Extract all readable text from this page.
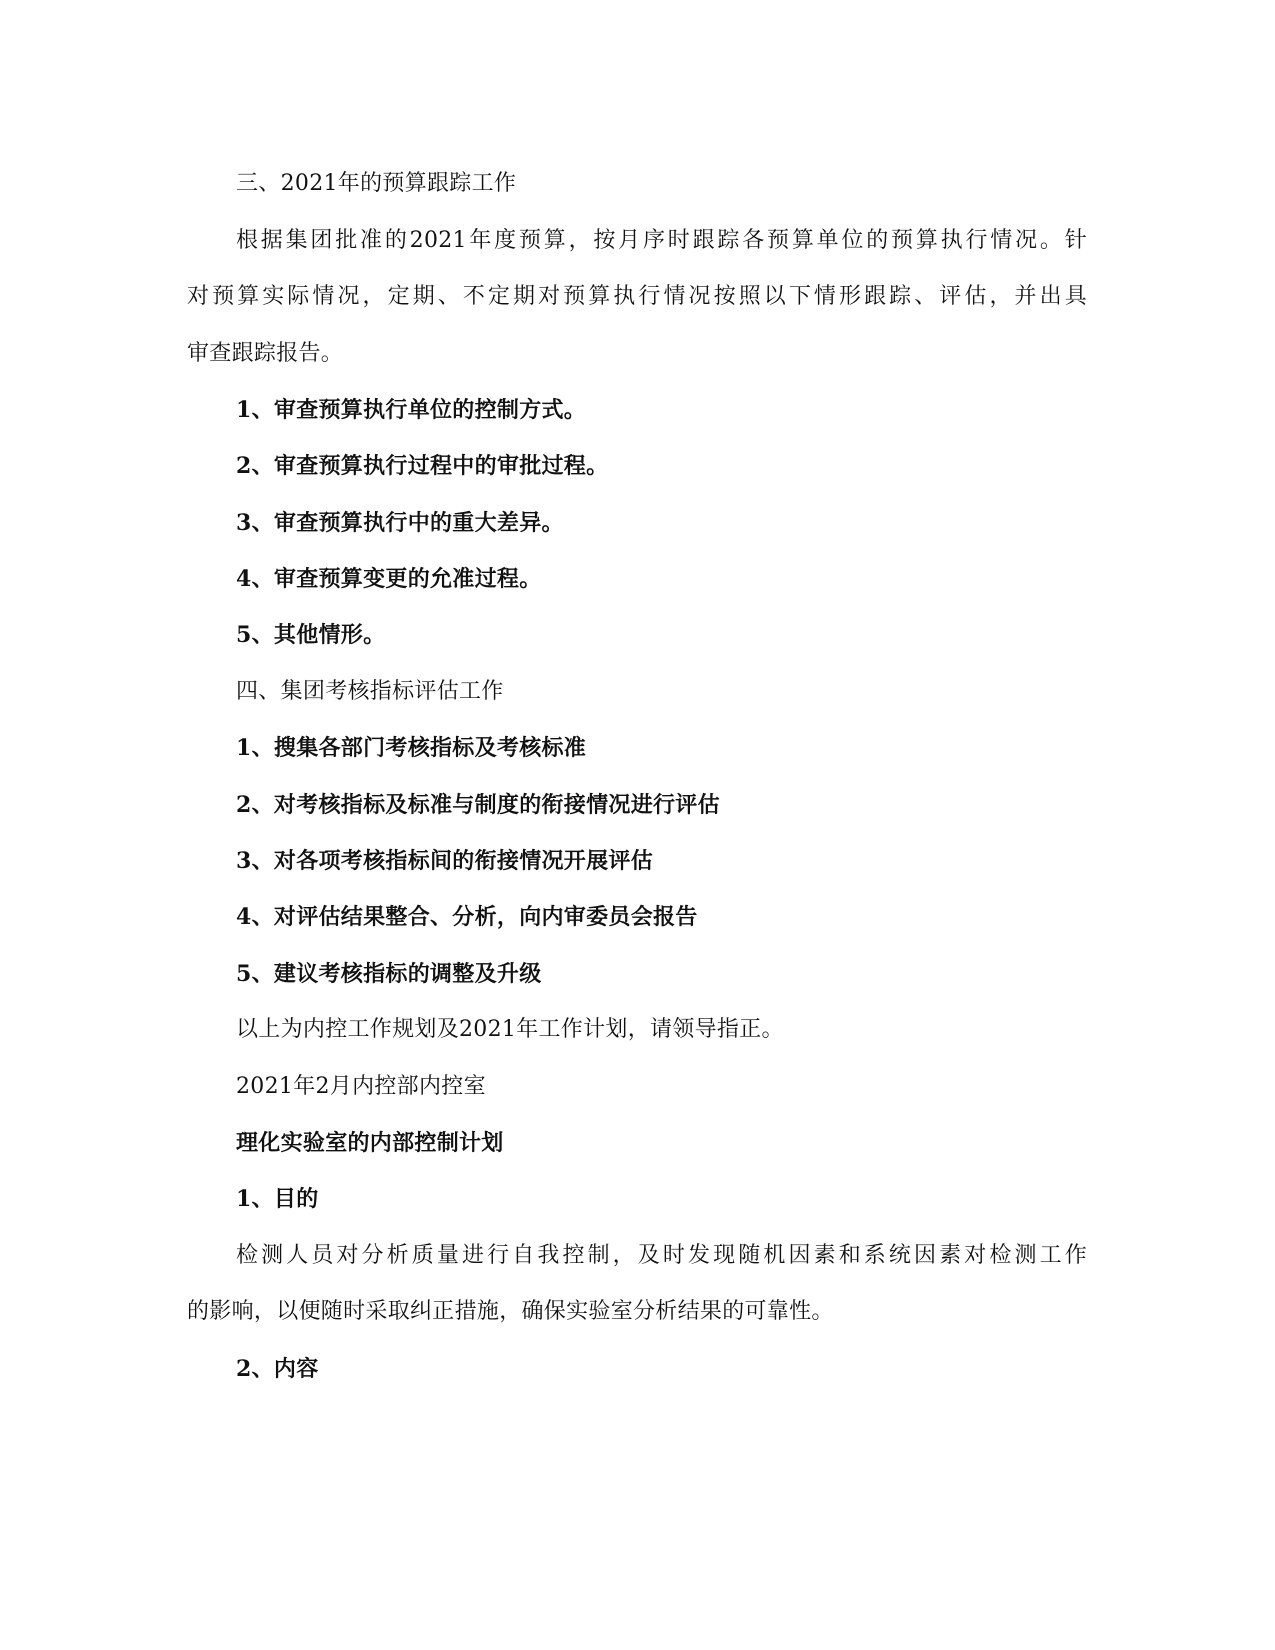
三、2021年的预算跟踪工作
根据集团批准的2021年度预算，按月序时跟踪各预算单位的预算执行情况。针
对预算实际情况，定期、不定期对预算执行情况按照以下情形跟踪、评估，并出具
审查跟踪报告。
1、审查预算执行单位的控制方式。
2、审查预算执行过程中的审批过程。
3、审查预算执行中的重大差异。
4、审查预算变更的允准过程。
5、其他情形。
四、集团考核指标评估工作
1、搜集各部门考核指标及考核标准
2、对考核指标及标准与制度的衔接情况进行评估
3、对各项考核指标间的衔接情况开展评估
4、对评估结果整合、分析，向内审委员会报告
5、建议考核指标的调整及升级
以上为内控工作规划及2021年工作计划，请领导指正。
2021年2月内控部内控室
理化实验室的内部控制计划
1、目的
检测人员对分析质量进行自我控制，及时发现随机因素和系统因素对检测工作
的影响，以便随时采取纠正措施，确保实验室分析结果的可靠性。
2、内容
